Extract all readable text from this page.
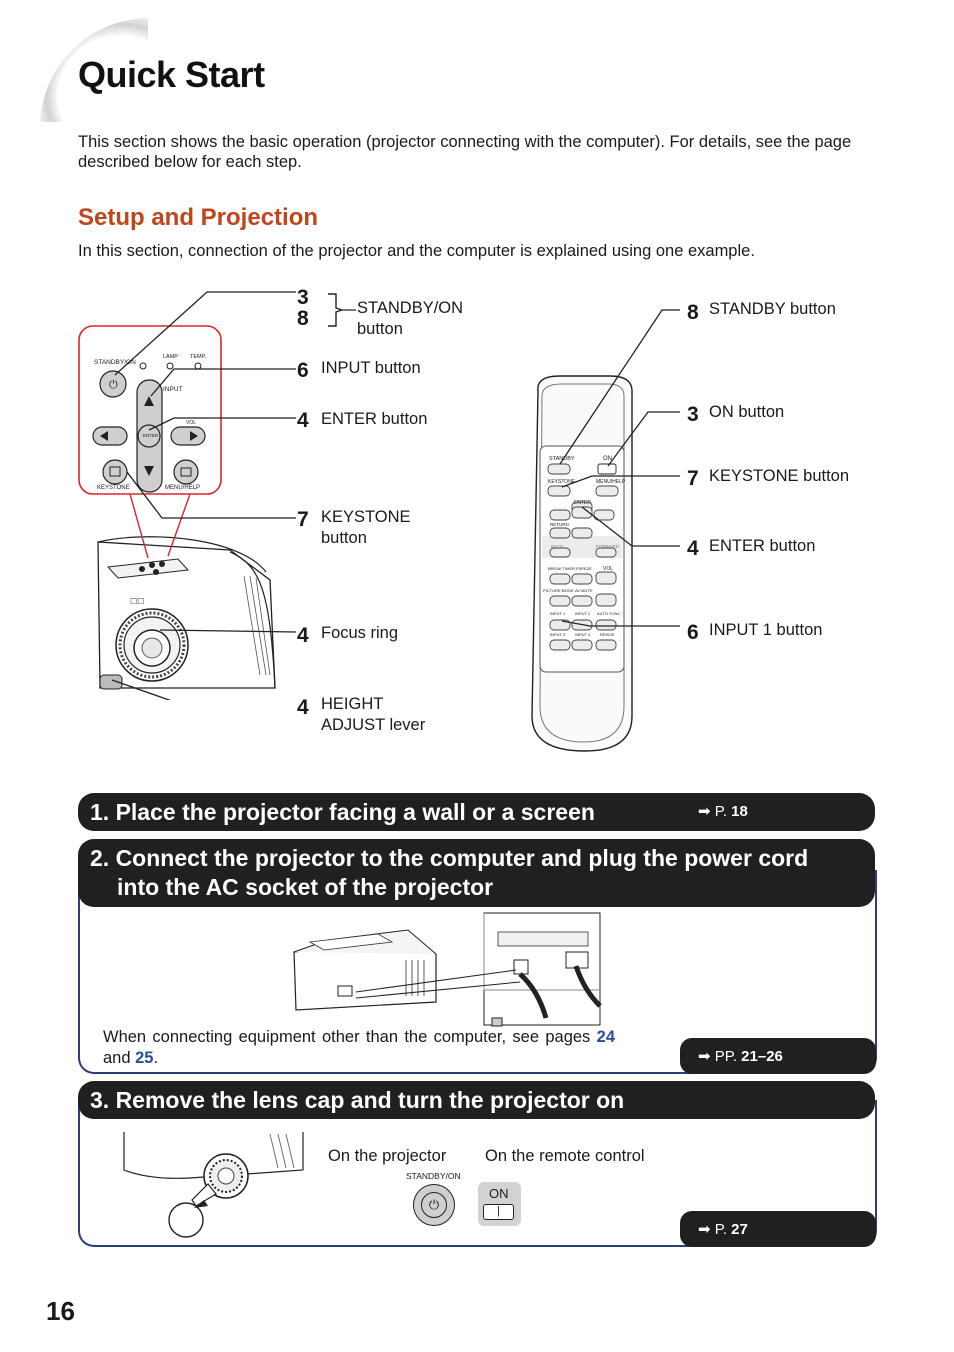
Quick Start
This section shows the basic operation (projector connecting with the computer). For details, see the page described below for each step.
Setup and Projection
In this section, connection of the projector and the computer is explained using one example.
☐☐
⏻
STANDBY/ON
LAMP TEMP.
INPUT
VOL
ENTER
KEYSTONE	MENU/HELP
3
8	STANDBY/ON
button
6 INPUT button
4 ENTER button
7 KEYSTONE
button
4 Focus ring
4 HEIGHT
ADJUST lever
STANDBY	ON
KEYSTONE	MENU/HELP
ENTER
RETURN
BACK	FORWARD
BREAK TIMER FREEZE VOL
PICTURE MODE AV MUTE
INPUT 1 INPUT 2 AUTO SYNC
INPUT 3 INPUT 4 RESIZE
8 STANDBY button
3 ON button
7 KEYSTONE button
4 ENTER button
6 INPUT 1 button
1. Place the projector facing a wall or a screen	➡ P. 18
2. Connect the projector to the computer and plug the power cord
into the AC socket of the projector
When connecting equipment other than the computer, see pages 24 and 25.	➡ PP. 21–26
3. Remove the lens cap and turn the projector on
On the projector On the remote control
STANDBY/ON
⏻
ON
|
➡ P. 27
16
